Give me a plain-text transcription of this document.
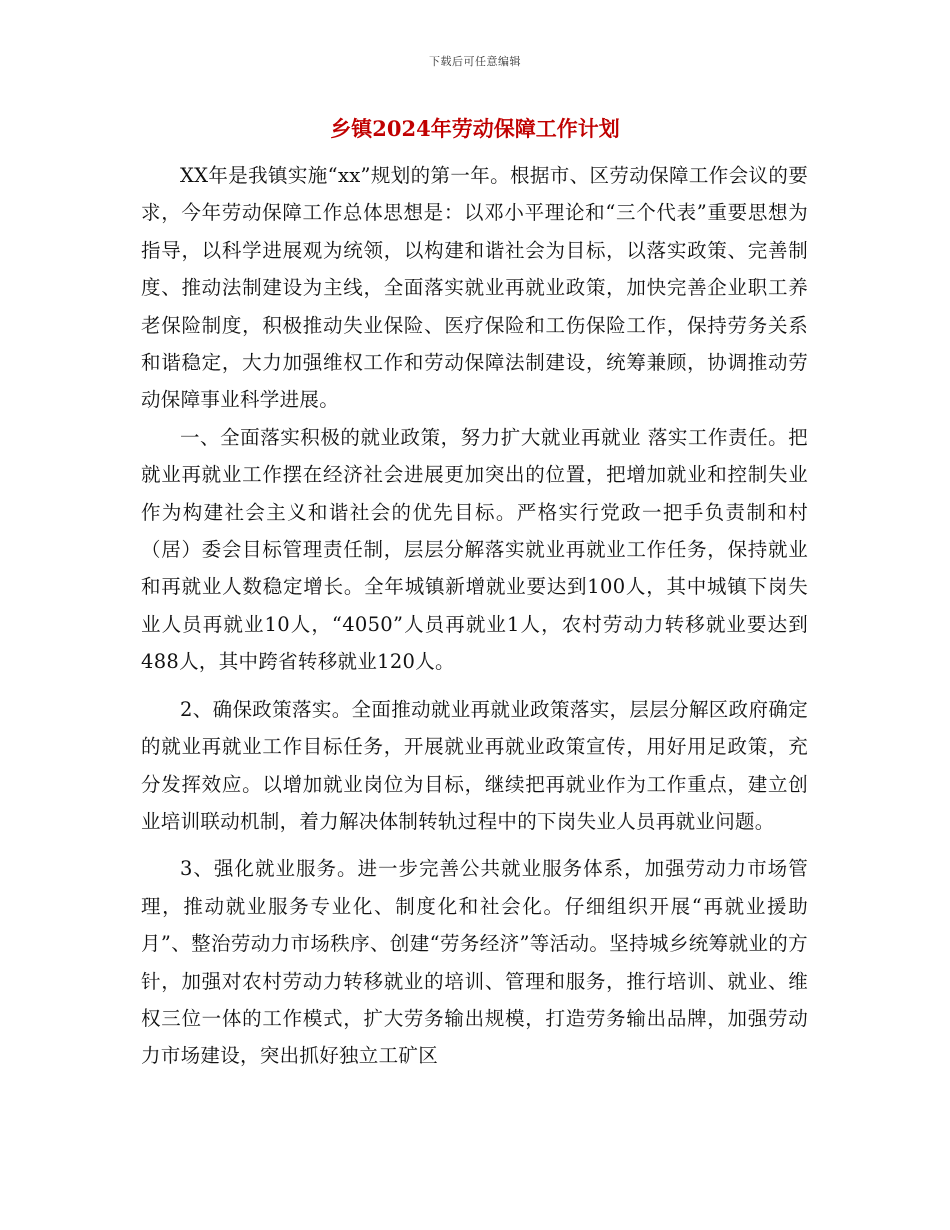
下载后可任意编辑
乡镇2024年劳动保障工作计划

XX年是我镇实施“xx”规划的第一年。根据市、区劳动保障工作会议的要求，今年劳动保障工作总体思想是：以邓小平理论和“三个代表”重要思想为指导，以科学进展观为统领，以构建和谐社会为目标，以落实政策、完善制度、推动法制建设为主线，全面落实就业再就业政策，加快完善企业职工养老保险制度，积极推动失业保险、医疗保险和工伤保险工作，保持劳务关系和谐稳定，大力加强维权工作和劳动保障法制建设，统筹兼顾，协调推动劳动保障事业科学进展。

一、全面落实积极的就业政策，努力扩大就业再就业 落实工作责任。把就业再就业工作摆在经济社会进展更加突出的位置，把增加就业和控制失业作为构建社会主义和谐社会的优先目标。严格实行党政一把手负责制和村（居）委会目标管理责任制，层层分解落实就业再就业工作任务，保持就业和再就业人数稳定增长。全年城镇新增就业要达到100人，其中城镇下岗失业人员再就业10人，“4050”人员再就业1人，农村劳动力转移就业要达到488人，其中跨省转移就业120人。

2、确保政策落实。全面推动就业再就业政策落实，层层分解区政府确定的就业再就业工作目标任务，开展就业再就业政策宣传，用好用足政策，充分发挥效应。以增加就业岗位为目标，继续把再就业作为工作重点，建立创业培训联动机制，着力解决体制转轨过程中的下岗失业人员再就业问题。

3、强化就业服务。进一步完善公共就业服务体系，加强劳动力市场管理，推动就业服务专业化、制度化和社会化。仔细组织开展“再就业援助月”、整治劳动力市场秩序、创建“劳务经济”等活动。坚持城乡统筹就业的方针，加强对农村劳动力转移就业的培训、管理和服务，推行培训、就业、维权三位一体的工作模式，扩大劳务输出规模，打造劳务输出品牌，加强劳动力市场建设，突出抓好独立工矿区
